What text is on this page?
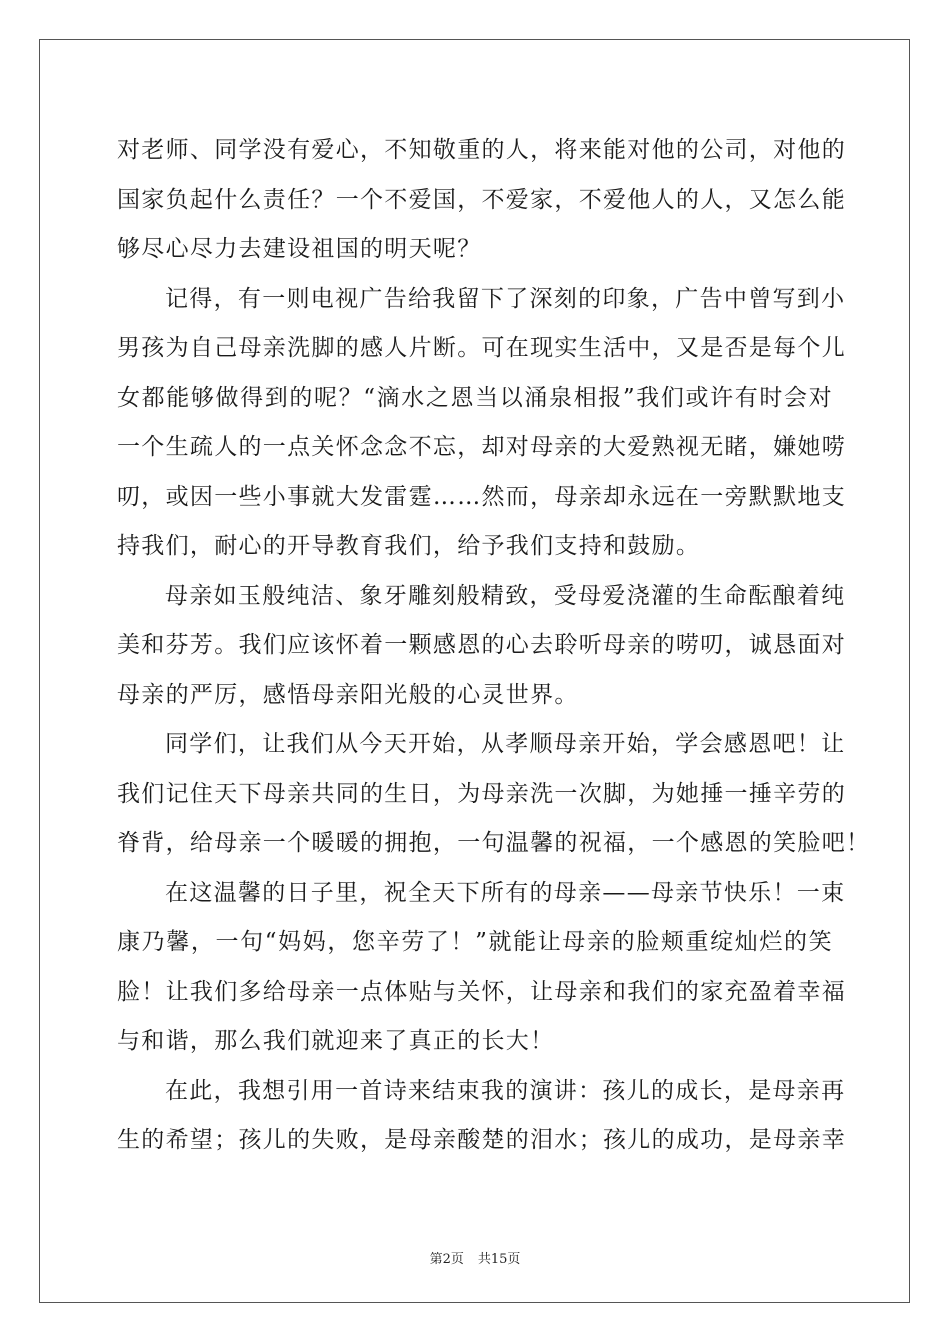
对老师、同学没有爱心，不知敬重的人，将来能对他的公司，对他的
国家负起什么责任？一个不爱国，不爱家，不爱他人的人，又怎么能
够尽心尽力去建设祖国的明天呢？
记得，有一则电视广告给我留下了深刻的印象，广告中曾写到小
男孩为自己母亲洗脚的感人片断。可在现实生活中，又是否是每个儿
女都能够做得到的呢？“滴水之恩当以涌泉相报”我们或许有时会对
一个生疏人的一点关怀念念不忘，却对母亲的大爱熟视无睹，嫌她唠
叨，或因一些小事就大发雷霆……然而，母亲却永远在一旁默默地支
持我们，耐心的开导教育我们，给予我们支持和鼓励。
母亲如玉般纯洁、象牙雕刻般精致，受母爱浇灌的生命酝酿着纯
美和芬芳。我们应该怀着一颗感恩的心去聆听母亲的唠叨，诚恳面对
母亲的严厉，感悟母亲阳光般的心灵世界。
同学们，让我们从今天开始，从孝顺母亲开始，学会感恩吧！让
我们记住天下母亲共同的生日，为母亲洗一次脚，为她捶一捶辛劳的
脊背，给母亲一个暖暖的拥抱，一句温馨的祝福，一个感恩的笑脸吧！
在这温馨的日子里，祝全天下所有的母亲——母亲节快乐！一束
康乃馨，一句“妈妈，您辛劳了！”就能让母亲的脸颊重绽灿烂的笑
脸！让我们多给母亲一点体贴与关怀，让母亲和我们的家充盈着幸福
与和谐，那么我们就迎来了真正的长大！
在此，我想引用一首诗来结束我的演讲：孩儿的成长，是母亲再
生的希望；孩儿的失败，是母亲酸楚的泪水；孩儿的成功，是母亲幸
第2页 共15页
